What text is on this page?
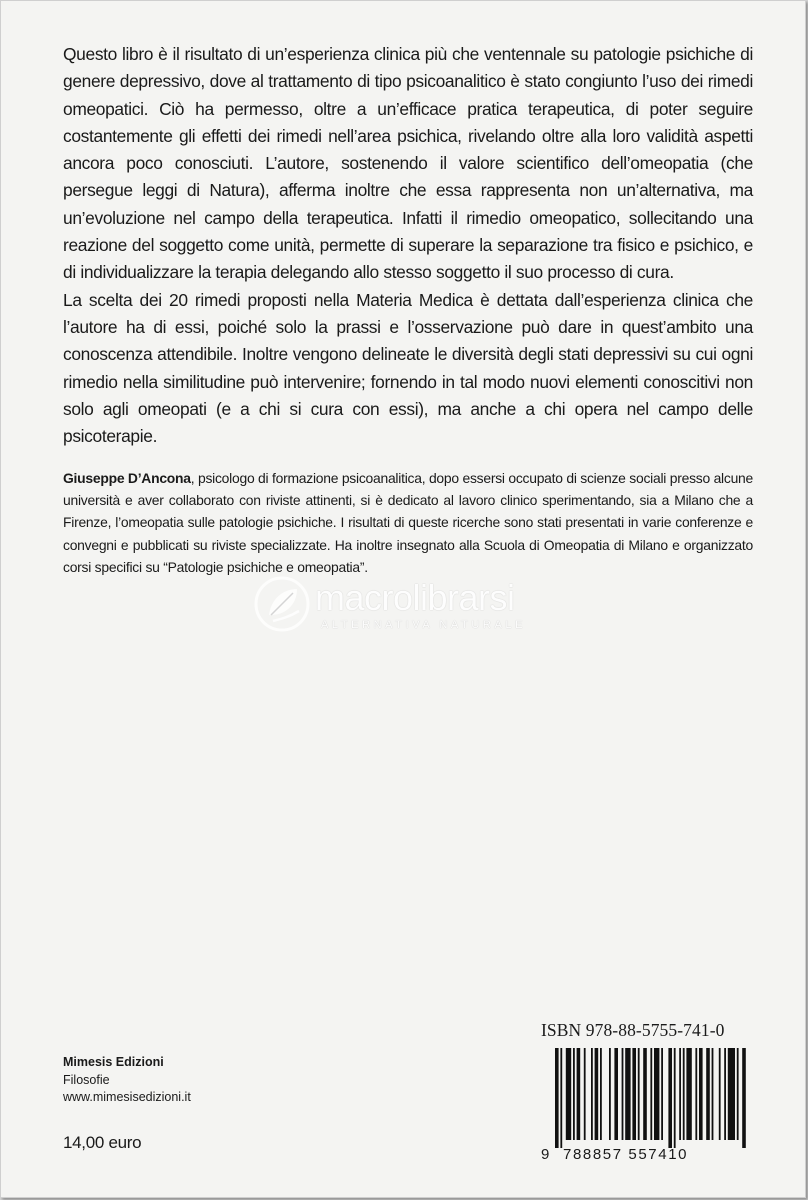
Questo libro è il risultato di un’esperienza clinica più che ventennale su patologie psichiche di genere depressivo, dove al trattamento di tipo psicoanalitico è stato congiunto l’uso dei rimedi omeopatici. Ciò ha permesso, oltre a un’efficace pratica terapeutica, di poter seguire costantemente gli effetti dei rimedi nell’area psichica, rivelando oltre alla loro validità aspetti ancora poco conosciuti. L’autore, sostenendo il valore scientifico dell’omeopatia (che persegue leggi di Natura), afferma inoltre che essa rappresenta non un’alternativa, ma un’evoluzione nel campo della terapeutica. Infatti il rimedio omeopatico, sollecitando una reazione del soggetto come unità, permette di superare la separazione tra fisico e psichico, e di individualizzare la terapia delegando allo stesso soggetto il suo processo di cura.

La scelta dei 20 rimedi proposti nella Materia Medica è dettata dall’esperienza clinica che l’autore ha di essi, poiché solo la prassi e l’osservazione può dare in quest’ambito una conoscenza attendibile. Inoltre vengono delineate le diversità degli stati depressivi su cui ogni rimedio nella similitudine può intervenire; fornendo in tal modo nuovi elementi conoscitivi non solo agli omeopati (e a chi si cura con essi), ma anche a chi opera nel campo delle psicoterapie.

Giuseppe D’Ancona, psicologo di formazione psicoanalitica, dopo essersi occupato di scienze sociali presso alcune università e aver collaborato con riviste attinenti, si è dedicato al lavoro clinico sperimentando, sia a Milano che a Firenze, l’omeopatia sulle patologie psichiche. I risultati di queste ricerche sono stati presentati in varie conferenze e convegni e pubblicati su riviste specializzate. Ha inoltre insegnato alla Scuola di Omeopatia di Milano e organizzato corsi specifici su “Patologie psichiche e omeopatia”.
macrolibrarsi
ALTERNATIVA NATURALE
Mimesis Edizioni
Filosofie
www.mimesisedizioni.it
14,00 euro
ISBN 978-88-5755-741-0
9 788857 557410
